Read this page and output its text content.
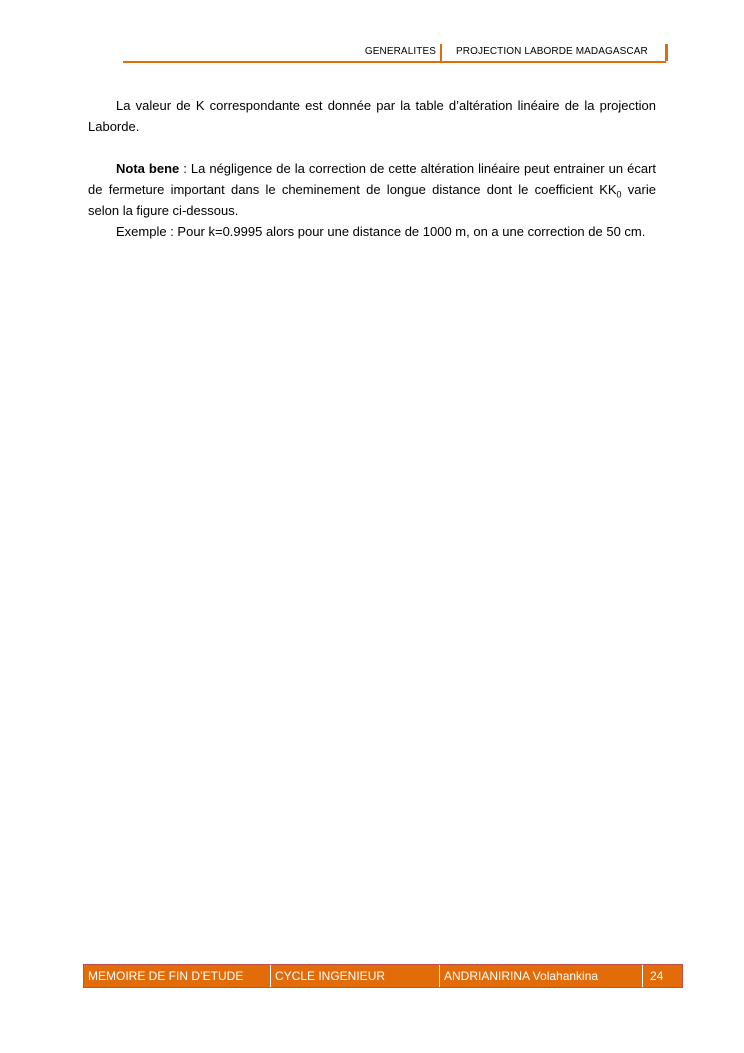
GENERALITES PROJECTION LABORDE MADAGASCAR

La valeur de K correspondante est donnée par la table d’altération linéaire de la projection Laborde.

Nota bene : La négligence de la correction de cette altération linéaire peut entrainer un écart de fermeture important dans le cheminement de longue distance dont le coefficient $KK_0$ varie selon la figure ci-dessous.

Exemple : Pour k=0.9995 alors pour une distance de 1000 m, on a une correction de 50 cm.

MEMOIRE DE FIN D’ETUDE	CYCLE INGENIEUR	ANDRIANIRINA Volahankina	24
